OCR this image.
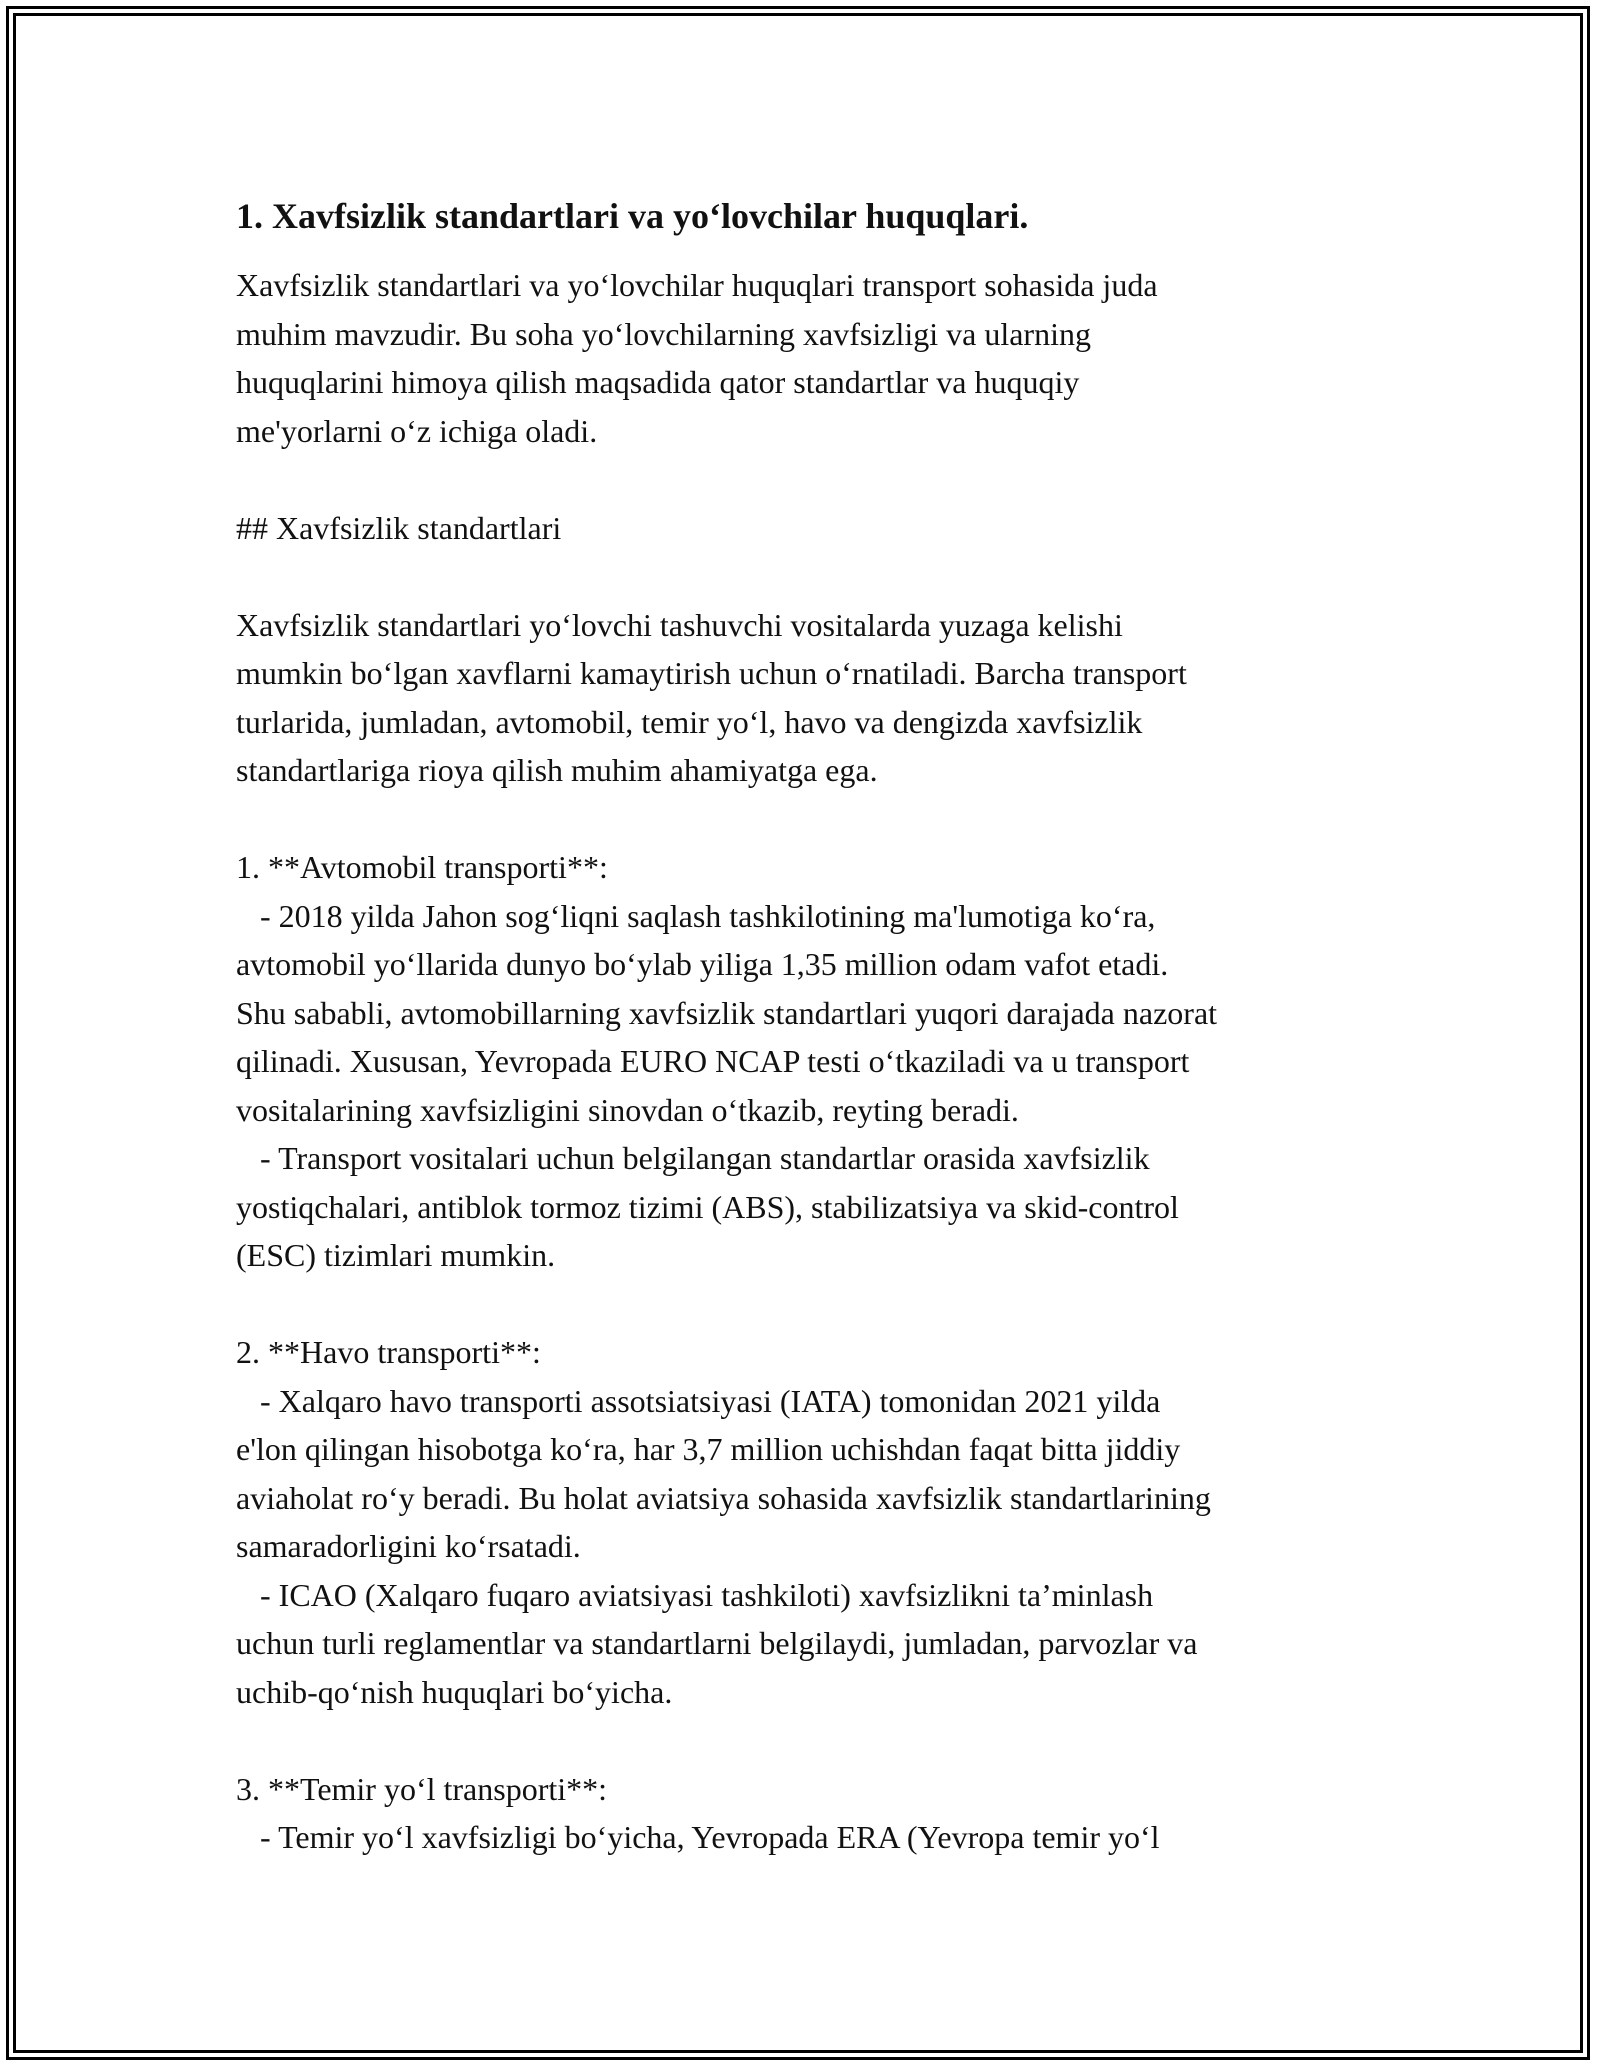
1. Xavfsizlik standartlari va yo‘lovchilar huquqlari.
Xavfsizlik standartlari va yo‘lovchilar huquqlari transport sohasida juda
muhim mavzudir. Bu soha yo‘lovchilarning xavfsizligi va ularning
huquqlarini himoya qilish maqsadida qator standartlar va huquqiy
me'yorlarni o‘z ichiga oladi.
## Xavfsizlik standartlari
Xavfsizlik standartlari yo‘lovchi tashuvchi vositalarda yuzaga kelishi
mumkin bo‘lgan xavflarni kamaytirish uchun o‘rnatiladi. Barcha transport
turlarida, jumladan, avtomobil, temir yo‘l, havo va dengizda xavfsizlik
standartlariga rioya qilish muhim ahamiyatga ega.
1. **Avtomobil transporti**:
- 2018 yilda Jahon sog‘liqni saqlash tashkilotining ma'lumotiga ko‘ra,
avtomobil yo‘llarida dunyo bo‘ylab yiliga 1,35 million odam vafot etadi.
Shu sababli, avtomobillarning xavfsizlik standartlari yuqori darajada nazorat
qilinadi. Xususan, Yevropada EURO NCAP testi o‘tkaziladi va u transport
vositalarining xavfsizligini sinovdan o‘tkazib, reyting beradi.
- Transport vositalari uchun belgilangan standartlar orasida xavfsizlik
yostiqchalari, antiblok tormoz tizimi (ABS), stabilizatsiya va skid-control
(ESC) tizimlari mumkin.
2. **Havo transporti**:
- Xalqaro havo transporti assotsiatsiyasi (IATA) tomonidan 2021 yilda
e'lon qilingan hisobotga ko‘ra, har 3,7 million uchishdan faqat bitta jiddiy
aviaholat ro‘y beradi. Bu holat aviatsiya sohasida xavfsizlik standartlarining
samaradorligini ko‘rsatadi.
- ICAO (Xalqaro fuqaro aviatsiyasi tashkiloti) xavfsizlikni ta’minlash
uchun turli reglamentlar va standartlarni belgilaydi, jumladan, parvozlar va
uchib-qo‘nish huquqlari bo‘yicha.
3. **Temir yo‘l transporti**:
- Temir yo‘l xavfsizligi bo‘yicha, Yevropada ERA (Yevropa temir yo‘l
